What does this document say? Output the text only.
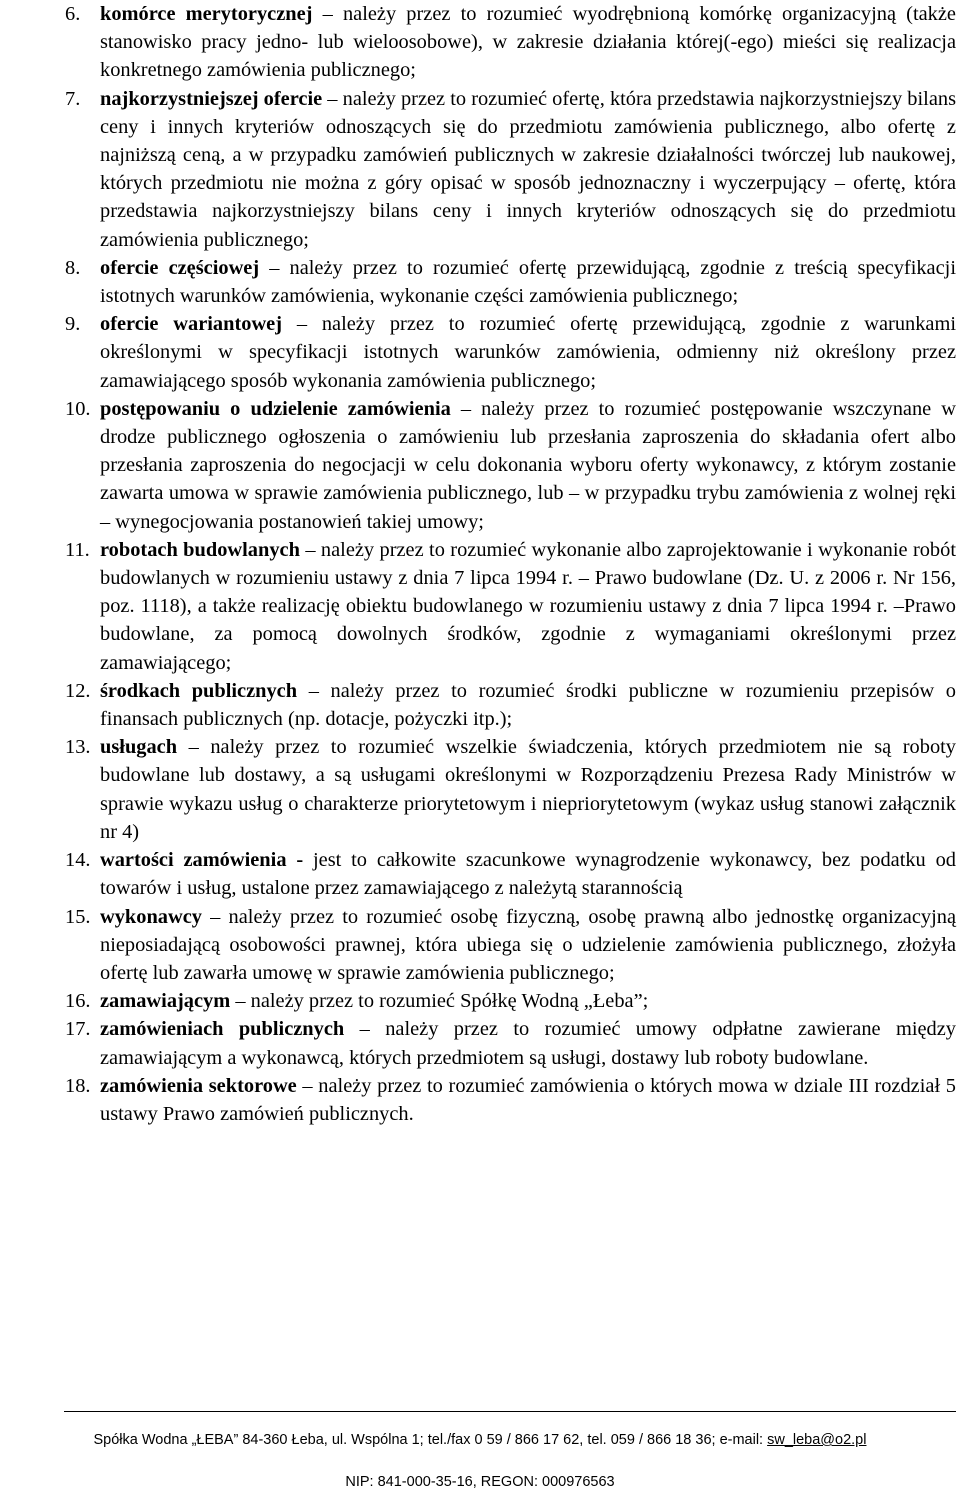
6. komórce merytorycznej – należy przez to rozumieć wyodrębnioną komórkę organizacyjną (także stanowisko pracy jedno- lub wieloosobowe), w zakresie działania której(-ego) mieści się realizacja konkretnego zamówienia publicznego;
7. najkorzystniejszej ofercie – należy przez to rozumieć ofertę, która przedstawia najkorzystniejszy bilans ceny i innych kryteriów odnoszących się do przedmiotu zamówienia publicznego, albo ofertę z najniższą ceną, a w przypadku zamówień publicznych w zakresie działalności twórczej lub naukowej, których przedmiotu nie można z góry opisać w sposób jednoznaczny i wyczerpujący – ofertę, która przedstawia najkorzystniejszy bilans ceny i innych kryteriów odnoszących się do przedmiotu zamówienia publicznego;
8. ofercie częściowej – należy przez to rozumieć ofertę przewidującą, zgodnie z treścią specyfikacji istotnych warunków zamówienia, wykonanie części zamówienia publicznego;
9. ofercie wariantowej – należy przez to rozumieć ofertę przewidującą, zgodnie z warunkami określonymi w specyfikacji istotnych warunków zamówienia, odmienny niż określony przez zamawiającego sposób wykonania zamówienia publicznego;
10. postępowaniu o udzielenie zamówienia – należy przez to rozumieć postępowanie wszczynane w drodze publicznego ogłoszenia o zamówieniu lub przesłania zaproszenia do składania ofert albo przesłania zaproszenia do negocjacji w celu dokonania wyboru oferty wykonawcy, z którym zostanie zawarta umowa w sprawie zamówienia publicznego, lub – w przypadku trybu zamówienia z wolnej ręki – wynegocjowania postanowień takiej umowy;
11. robotach budowlanych – należy przez to rozumieć wykonanie albo zaprojektowanie i wykonanie robót budowlanych w rozumieniu ustawy z dnia 7 lipca 1994 r. – Prawo budowlane (Dz. U. z 2006 r. Nr 156, poz. 1118), a także realizację obiektu budowlanego w rozumieniu ustawy z dnia 7 lipca 1994 r. –Prawo budowlane, za pomocą dowolnych środków, zgodnie z wymaganiami określonymi przez zamawiającego;
12. środkach publicznych – należy przez to rozumieć środki publiczne w rozumieniu przepisów o finansach publicznych (np. dotacje, pożyczki itp.);
13. usługach – należy przez to rozumieć wszelkie świadczenia, których przedmiotem nie są roboty budowlane lub dostawy, a są usługami określonymi w Rozporządzeniu Prezesa Rady Ministrów w sprawie wykazu usług o charakterze priorytetowym i niepriorytetowym (wykaz usług stanowi załącznik nr 4)
14. wartości zamówienia - jest to całkowite szacunkowe wynagrodzenie wykonawcy, bez podatku od towarów i usług, ustalone przez zamawiającego z należytą starannością
15. wykonawcy – należy przez to rozumieć osobę fizyczną, osobę prawną albo jednostkę organizacyjną nieposiadającą osobowości prawnej, która ubiega się o udzielenie zamówienia publicznego, złożyła ofertę lub zawarła umowę w sprawie zamówienia publicznego;
16. zamawiającym – należy przez to rozumieć Spółkę Wodną „Łeba”;
17. zamówieniach publicznych – należy przez to rozumieć umowy odpłatne zawierane między zamawiającym a wykonawcą, których przedmiotem są usługi, dostawy lub roboty budowlane.
18. zamówienia sektorowe – należy przez to rozumieć zamówienia o których mowa w dziale III rozdział 5 ustawy Prawo zamówień publicznych.
Spółka Wodna „ŁEBA” 84-360 Łeba, ul. Wspólna 1; tel./fax 0 59 / 866 17 62, tel. 059 / 866 18 36; e-mail: sw_leba@o2.pl
NIP: 841-000-35-16, REGON: 000976563
